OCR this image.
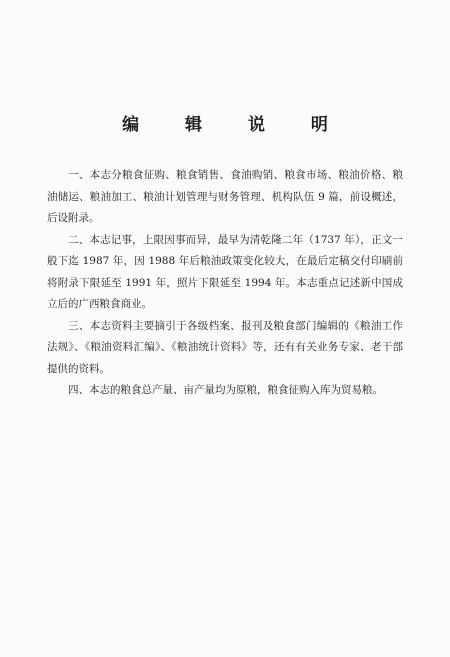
编 辑 说 明

一、本志分粮食征购、粮食销售、食油购销、粮食市场、粮油价格、粮油储运、粮油加工、粮油计划管理与财务管理、机构队伍 9 篇，前设概述，后设附录。

二、本志记事，上限因事而异，最早为清乾隆二年（1737 年），正文一般下迄 1987 年，因 1988 年后粮油政策变化较大，在最后定稿交付印刷前将附录下限延至 1991 年，照片下限延至 1994 年。本志重点记述新中国成立后的广西粮食商业。

三、本志资料主要摘引于各级档案、报刊及粮食部门编辑的《粮油工作法规》、《粮油资料汇编》、《粮油统计资料》等，还有有关业务专家、老干部提供的资料。

四、本志的粮食总产量、亩产量均为原粮，粮食征购入库为贸易粮。
